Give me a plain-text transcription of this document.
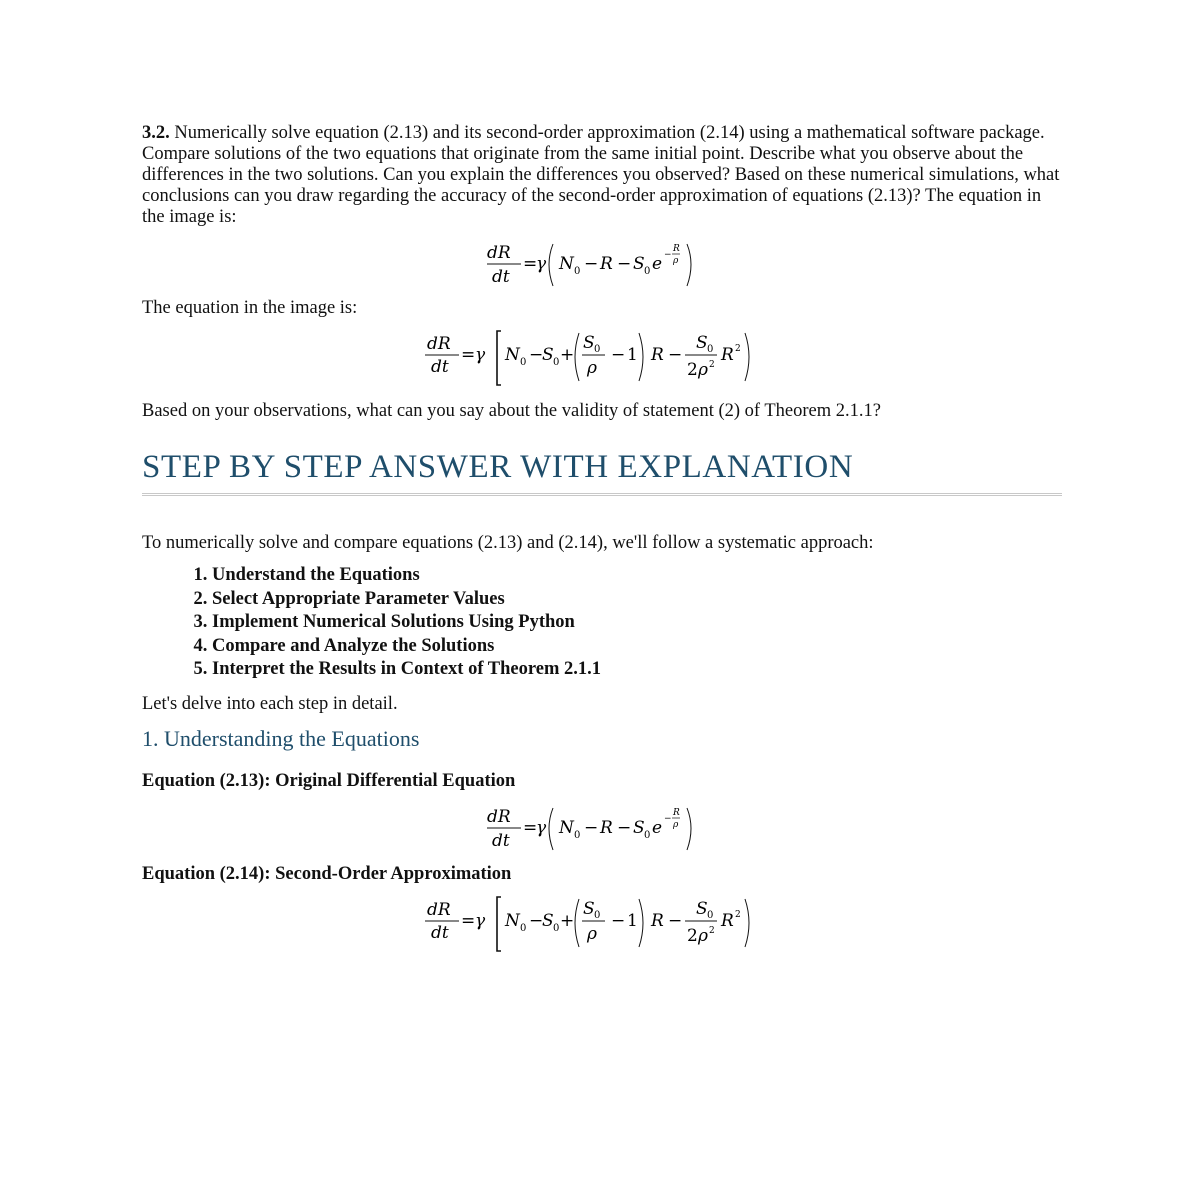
3.2. Numerically solve equation (2.13) and its second-order approximation (2.14) using a mathematical software package. Compare solutions of the two equations that originate from the same initial point. Describe what you observe about the differences in the two solutions. Can you explain the differences you observed? Based on these numerical simulations, what conclusions can you draw regarding the accuracy of the second-order approximation of equations (2.13)? The equation in the image is:

dR
dt
=
γ N 0 − R − S 0 e −
R
ρ

The equation in the image is:

dR
dt
= γ N 0 −
S 0 +
S 0
ρ
− 1 R −
S 0
2 ρ 2 R 2

Based on your observations, what can you say about the validity of statement (2) of Theorem 2.1.1?

STEP BY STEP ANSWER WITH EXPLANATION

To numerically solve and compare equations (2.13) and (2.14), we'll follow a systematic approach:

1. Understand the Equations
2. Select Appropriate Parameter Values
3. Implement Numerical Solutions Using Python
4. Compare and Analyze the Solutions
5. Interpret the Results in Context of Theorem 2.1.1

Let's delve into each step in detail.

1. Understanding the Equations

Equation (2.13): Original Differential Equation

dR
dt
=
γ N 0 − R − S 0 e −
R
ρ

Equation (2.14): Second-Order Approximation

dR
dt
= γ N 0 −
S 0 +
S 0
ρ
− 1 R −
S 0
2 ρ 2 R 2
